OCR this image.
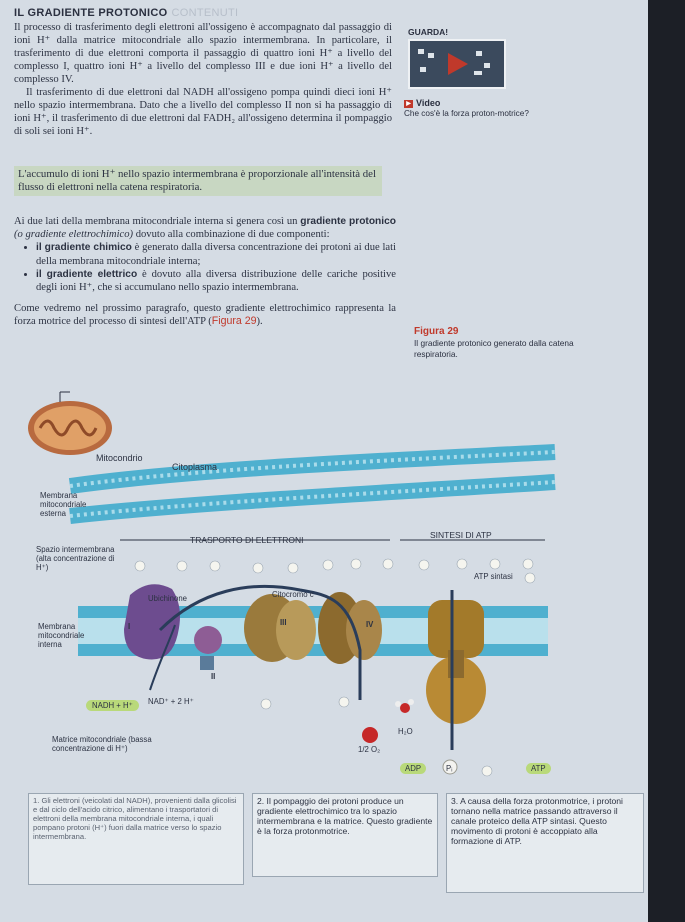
IL GRADIENTE PROTONICO CONTENUTI

Il processo di trasferimento degli elettroni all'ossigeno è accompagnato dal passaggio di ioni H⁺ dalla matrice mitocondriale allo spazio intermembrana. In particolare, il trasferimento di due elettroni comporta il passaggio di quattro ioni H⁺ a livello del complesso I, quattro ioni H⁺ a livello del complesso III e due ioni H⁺ a livello del complesso IV.

Il trasferimento di due elettroni dal NADH all'ossigeno pompa quindi dieci ioni H⁺ nello spazio intermembrana. Dato che a livello del complesso II non si ha passaggio di ioni H⁺, il trasferimento di due elettroni dal FADH₂ all'ossigeno determina il pompaggio di soli sei ioni H⁺.

L'accumulo di ioni H⁺ nello spazio intermembrana è proporzionale all'intensità del flusso di elettroni nella catena respiratoria.

Ai due lati della membrana mitocondriale interna si genera così un gradiente protonico (o gradiente elettrochimico) dovuto alla combinazione di due componenti:

• il gradiente chimico è generato dalla diversa concentrazione dei protoni ai due lati della membrana mitocondriale interna;
• il gradiente elettrico è dovuto alla diversa distribuzione delle cariche positive degli ioni H⁺, che si accumulano nello spazio intermembrana.

Come vedremo nel prossimo paragrafo, questo gradiente elettrochimico rappresenta la forza motrice del processo di sintesi dell'ATP (Figura 29).

GUARDA!
▶ Video
Che cos'è la forza proton-motrice?
Figura 29
Il gradiente protonico generato dalla catena respiratoria.
Mitocondrio
Citoplasma
Membrana mitocondriale esterna
Spazio intermembrana (alta concentrazione di H⁺)
TRASPORTO DI ELETTRONI	SINTESI DI ATP
Ubichinone	Citocromo c
ATP sintasi
Membrana mitocondriale interna
I
II
III	IV
NADH + H⁺	NAD⁺ + 2 H⁺
H₂O
1/2 O₂
Matrice mitocondriale (bassa concentrazione di H⁺)
ADP	Pᵢ	ATP
1. Gli elettroni (veicolati dal NADH), provenienti dalla glicolisi e dal ciclo dell'acido citrico, alimentano i trasportatori di elettroni della membrana mitocondriale interna, i quali pompano protoni (H⁺) fuori dalla matrice verso lo spazio intermembrana.
2. Il pompaggio dei protoni produce un gradiente elettrochimico tra lo spazio intermembrana e la matrice. Questo gradiente è la forza protonmotrice.
3. A causa della forza protonmotrice, i protoni tornano nella matrice passando attraverso il canale proteico della ATP sintasi. Questo movimento di protoni è accoppiato alla formazione di ATP.
